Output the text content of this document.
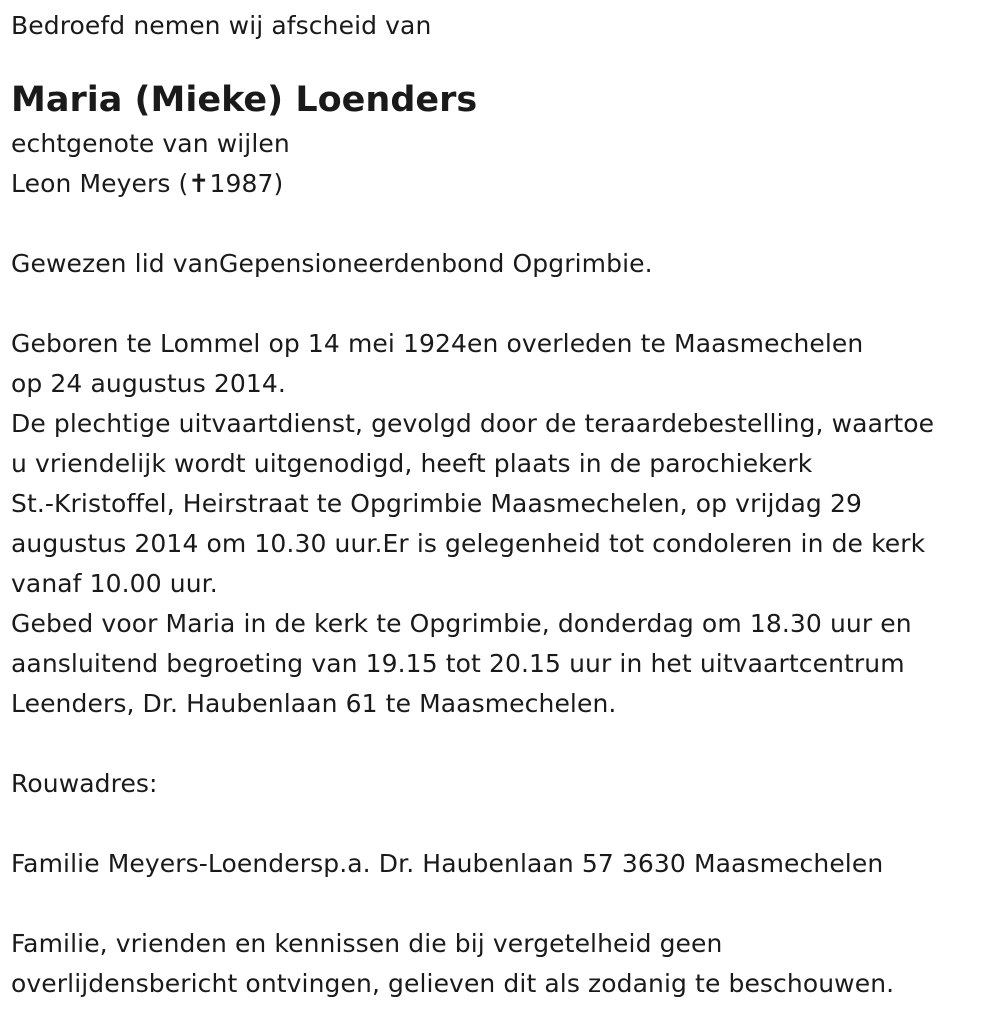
Bedroefd nemen wij afscheid van
Maria (Mieke) Loenders
echtgenote van wijlen
Leon Meyers (✝1987)
Gewezen lid vanGepensioneerdenbond Opgrimbie.
Geboren te Lommel op 14 mei 1924en overleden te Maasmechelen
op 24 augustus 2014.
De plechtige uitvaartdienst, gevolgd door de teraardebestelling, waartoe
u vriendelijk wordt uitgenodigd, heeft plaats in de parochiekerk
St.-Kristoffel, Heirstraat te Opgrimbie Maasmechelen, op vrijdag 29
augustus 2014 om 10.30 uur.Er is gelegenheid tot condoleren in de kerk
vanaf 10.00 uur.
Gebed voor Maria in de kerk te Opgrimbie, donderdag om 18.30 uur en
aansluitend begroeting van 19.15 tot 20.15 uur in het uitvaartcentrum
Leenders, Dr. Haubenlaan 61 te Maasmechelen.
Rouwadres:
Familie Meyers-Loendersp.a. Dr. Haubenlaan 57 3630 Maasmechelen
Familie, vrienden en kennissen die bij vergetelheid geen
overlijdensbericht ontvingen, gelieven dit als zodanig te beschouwen.
